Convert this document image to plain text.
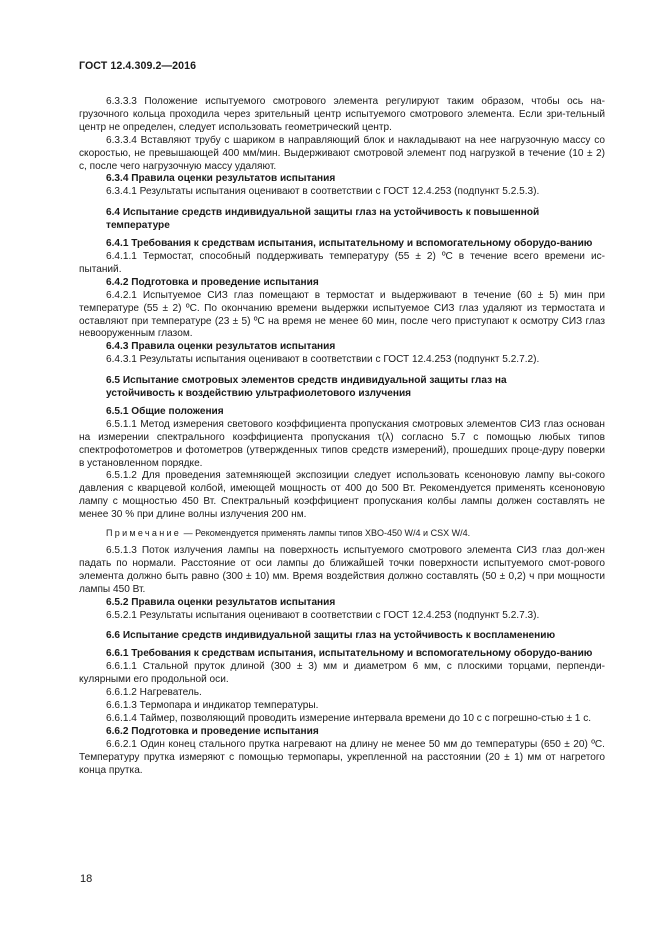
ГОСТ 12.4.309.2—2016

6.3.3.3 Положение испытуемого смотрового элемента регулируют таким образом, чтобы ось на-грузочного кольца проходила через зрительный центр испытуемого смотрового элемента. Если зри-тельный центр не определен, следует использовать геометрический центр.

6.3.3.4 Вставляют трубу с шариком в направляющий блок и накладывают на нее нагрузочную массу со скоростью, не превышающей 400 мм/мин. Выдерживают смотровой элемент под нагрузкой в течение (10 ± 2) с, после чего нагрузочную массу удаляют.

6.3.4 Правила оценки результатов испытания

6.3.4.1 Результаты испытания оценивают в соответствии с ГОСТ 12.4.253 (подпункт 5.2.5.3).

6.4 Испытание средств индивидуальной защиты глаз на устойчивость к повышенной

температуре

6.4.1 Требования к средствам испытания, испытательному и вспомогательному оборудо-ванию

6.4.1.1 Термостат, способный поддерживать температуру (55 ± 2) ºС в течение всего времени ис-пытаний.

6.4.2 Подготовка и проведение испытания

6.4.2.1 Испытуемое СИЗ глаз помещают в термостат и выдерживают в течение (60 ± 5) мин при температуре (55 ± 2) ºС. По окончанию времени выдержки испытуемое СИЗ глаз удаляют из термостата и оставляют при температуре (23 ± 5) ºС на время не менее 60 мин, после чего приступают к осмотру СИЗ глаз невооруженным глазом.

6.4.3 Правила оценки результатов испытания

6.4.3.1 Результаты испытания оценивают в соответствии с ГОСТ 12.4.253 (подпункт 5.2.7.2).

6.5 Испытание смотровых элементов средств индивидуальной защиты глаз на

устойчивость к воздействию ультрафиолетового излучения

6.5.1 Общие положения

6.5.1.1 Метод измерения светового коэффициента пропускания смотровых элементов СИЗ глаз основан на измерении спектрального коэффициента пропускания τ(λ) согласно 5.7 с помощью любых типов спектрофотометров и фотометров (утвержденных типов средств измерений), прошедших проце-дуру поверки в установленном порядке.

6.5.1.2 Для проведения затемняющей экспозиции следует использовать ксеноновую лампу вы-сокого давления с кварцевой колбой, имеющей мощность от 400 до 500 Вт. Рекомендуется применять ксеноновую лампу с мощностью 450 Вт. Спектральный коэффициент пропускания колбы лампы должен составлять не менее 30 % при длине волны излучения 200 нм.

Примечание — Рекомендуется применять лампы типов XBO-450 W/4 и CSX W/4.

6.5.1.3 Поток излучения лампы на поверхность испытуемого смотрового элемента СИЗ глаз дол-жен падать по нормали. Расстояние от оси лампы до ближайшей точки поверхности испытуемого смот-рового элемента должно быть равно (300 ± 10) мм. Время воздействия должно составлять (50 ± 0,2) ч при мощности лампы 450 Вт.

6.5.2 Правила оценки результатов испытания

6.5.2.1 Результаты испытания оценивают в соответствии с ГОСТ 12.4.253 (подпункт 5.2.7.3).

6.6 Испытание средств индивидуальной защиты глаз на устойчивость к воспламенению

6.6.1 Требования к средствам испытания, испытательному и вспомогательному оборудо-ванию

6.6.1.1 Стальной пруток длиной (300 ± 3) мм и диаметром 6 мм, с плоскими торцами, перпенди-кулярными его продольной оси.

6.6.1.2 Нагреватель.

6.6.1.3 Термопара и индикатор температуры.

6.6.1.4 Таймер, позволяющий проводить измерение интервала времени до 10 с с погрешно-стью ± 1 с.

6.6.2 Подготовка и проведение испытания

6.6.2.1 Один конец стального прутка нагревают на длину не менее 50 мм до температуры (650 ± 20) ºС. Температуру прутка измеряют с помощью термопары, укрепленной на расстоянии (20 ± 1) мм от нагретого конца прутка.

18
